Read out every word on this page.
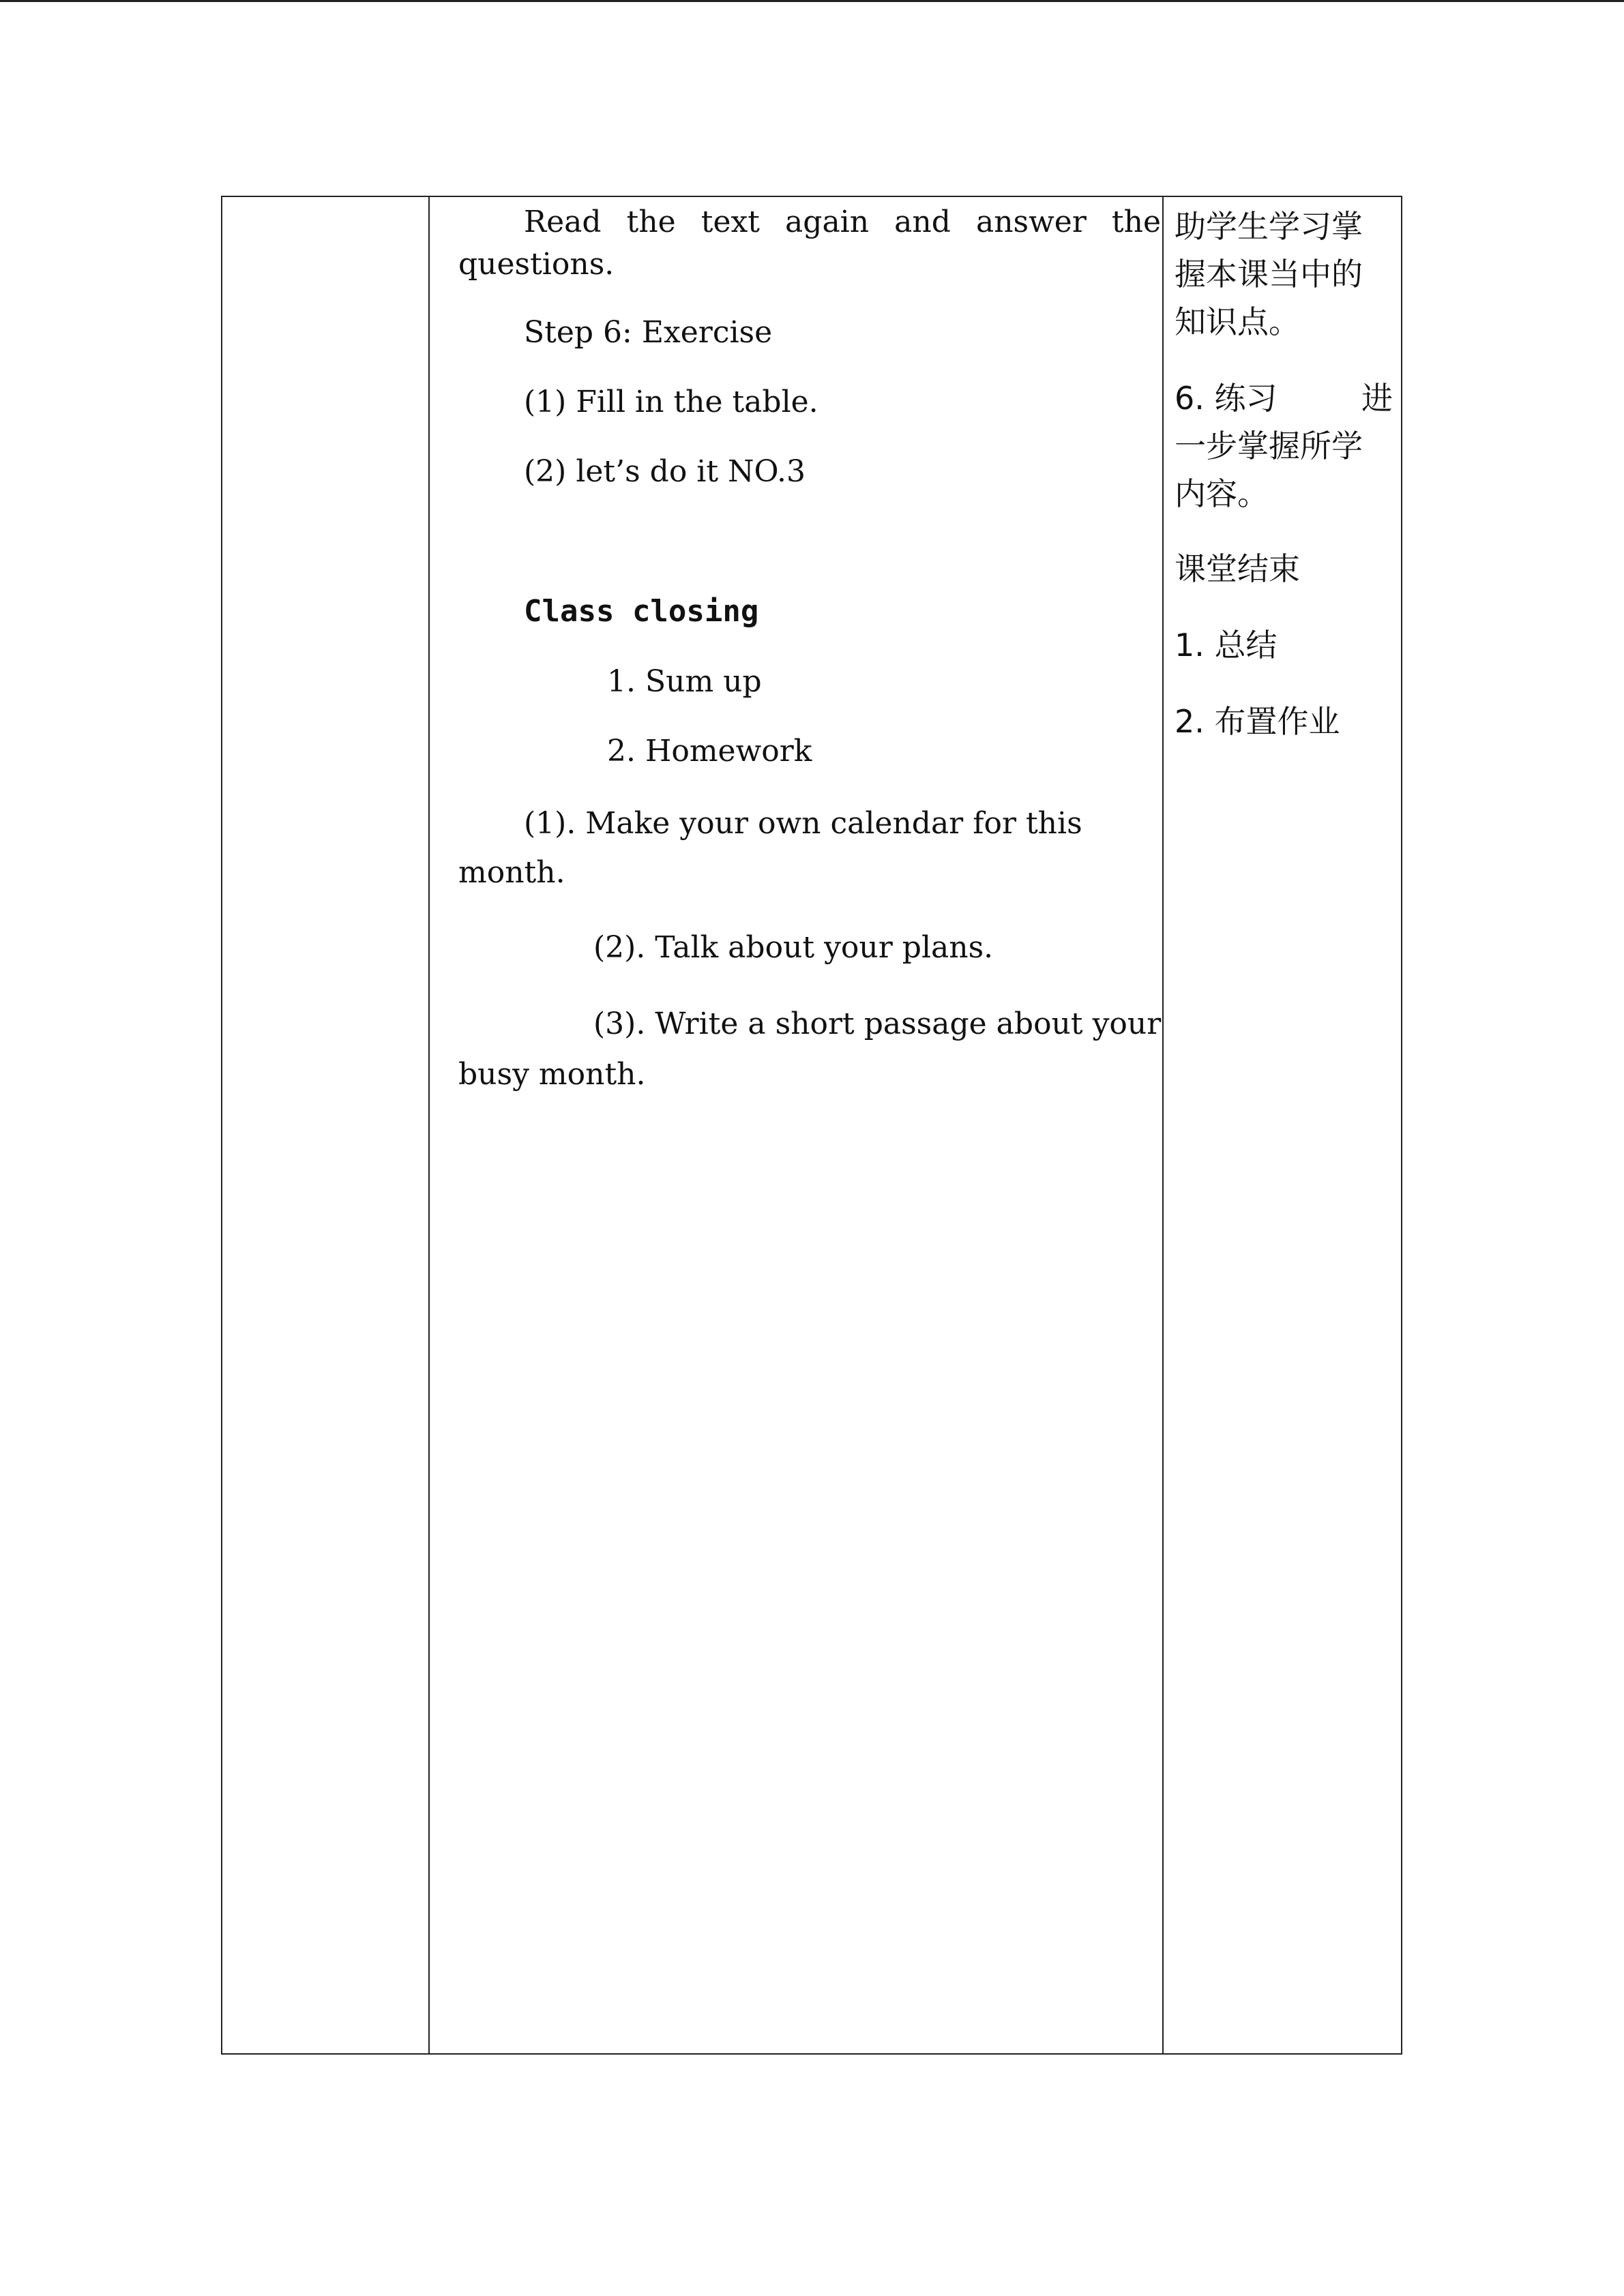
Read the text again and answer the
questions.
Step 6: Exercise
(1) Fill in the table.
(2) let’s do it NO.3
Class closing
1. Sum up
2. Homework
(1). Make your own calendar for this
month.
(2). Talk about your plans.
(3). Write a short passage about your
busy month.
助学生学习掌
握本课当中的
知识点。
6. 练习	进
一步掌握所学
内容。
课堂结束
1. 总结
2. 布置作业
